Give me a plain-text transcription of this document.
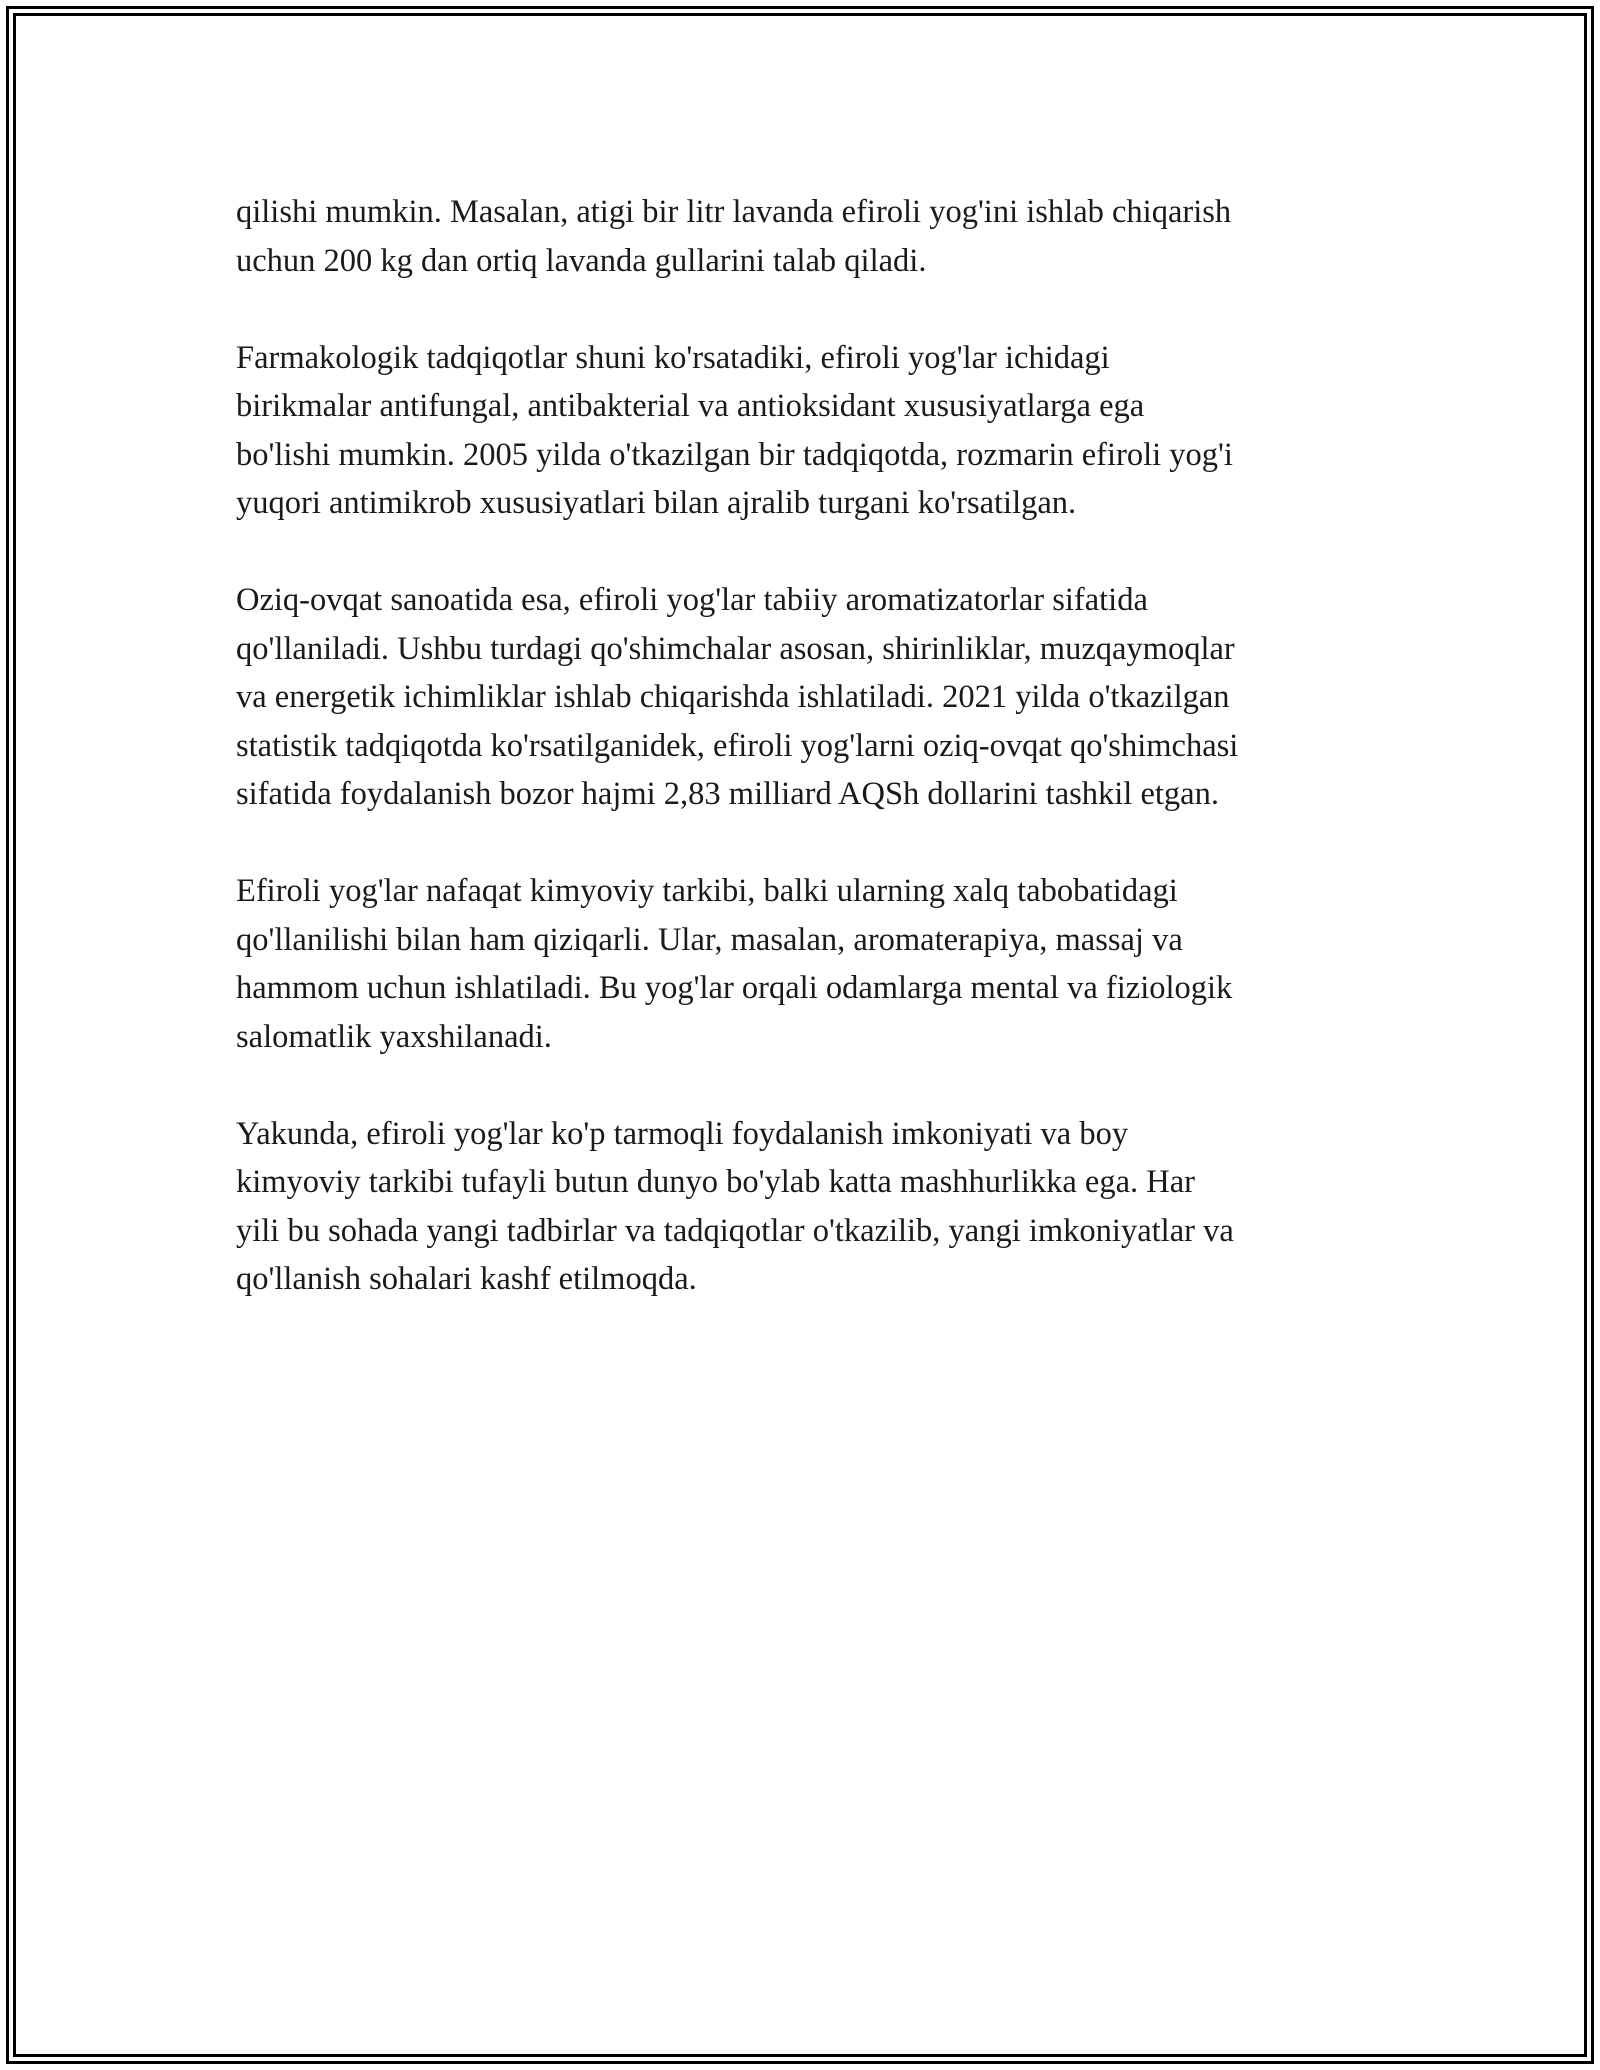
qilishi mumkin. Masalan, atigi bir litr lavanda efiroli yog'ini ishlab chiqarish
uchun 200 kg dan ortiq lavanda gullarini talab qiladi.

Farmakologik tadqiqotlar shuni ko'rsatadiki, efiroli yog'lar ichidagi
birikmalar antifungal, antibakterial va antioksidant xususiyatlarga ega
bo'lishi mumkin. 2005 yilda o'tkazilgan bir tadqiqotda, rozmarin efiroli yog'i
yuqori antimikrob xususiyatlari bilan ajralib turgani ko'rsatilgan.

Oziq-ovqat sanoatida esa, efiroli yog'lar tabiiy aromatizatorlar sifatida
qo'llaniladi. Ushbu turdagi qo'shimchalar asosan, shirinliklar, muzqaymoqlar
va energetik ichimliklar ishlab chiqarishda ishlatiladi. 2021 yilda o'tkazilgan
statistik tadqiqotda ko'rsatilganidek, efiroli yog'larni oziq-ovqat qo'shimchasi
sifatida foydalanish bozor hajmi 2,83 milliard AQSh dollarini tashkil etgan.

Efiroli yog'lar nafaqat kimyoviy tarkibi, balki ularning xalq tabobatidagi
qo'llanilishi bilan ham qiziqarli. Ular, masalan, aromaterapiya, massaj va
hammom uchun ishlatiladi. Bu yog'lar orqali odamlarga mental va fiziologik
salomatlik yaxshilanadi.

Yakunda, efiroli yog'lar ko'p tarmoqli foydalanish imkoniyati va boy
kimyoviy tarkibi tufayli butun dunyo bo'ylab katta mashhurlikka ega. Har
yili bu sohada yangi tadbirlar va tadqiqotlar o'tkazilib, yangi imkoniyatlar va
qo'llanish sohalari kashf etilmoqda.
